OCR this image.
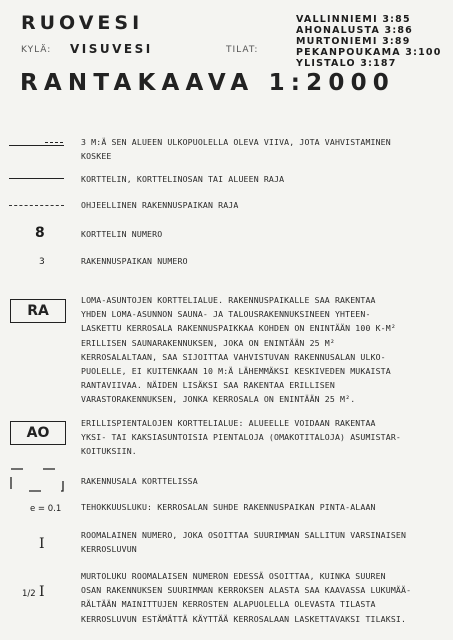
RUOVESI
KYLÄ: VISUVESI	TILAT:
VALLINNIEMI 3:85
AHONALUSTA 3:86
MURTONIEMI 3:89
PEKANPOUKAMA 3:100
YLISTALO 3:187
RANTAKAAVA 1:2000
3 M:Ä SEN ALUEEN ULKOPUOLELLA OLEVA VIIVA, JOTA VAHVISTAMINEN
KOSKEE
KORTTELIN, KORTTELINOSAN TAI ALUEEN RAJA
OHJEELLINEN RAKENNUSPAIKAN RAJA
8	KORTTELIN NUMERO
3	RAKENNUSPAIKAN NUMERO
RA
LOMA-ASUNTOJEN KORTTELIALUE. RAKENNUSPAIKALLE SAA RAKENTAA
YHDEN LOMA-ASUNNON SAUNA- JA TALOUSRAKENNUKSINEEN YHTEEN-
LASKETTU KERROSALA RAKENNUSPAIKKAA KOHDEN ON ENINTÄÄN 100 K-M²
ERILLISEN SAUNARAKENNUKSEN, JOKA ON ENINTÄÄN 25 M²
KERROSALALTAAN, SAA SIJOITTAA VAHVISTUVAN RAKENNUSALAN ULKO-
PUOLELLE, EI KUITENKAAN 10 M:Ä LÄHEMMÄKSI KESKIVEDEN MUKAISTA
RANTAVIIVAA. NÄIDEN LISÄKSI SAA RAKENTAA ERILLISEN
VARASTORAKENNUKSEN, JONKA KERROSALA ON ENINTÄÄN 25 M².
AO
ERILLISPIENTALOJEN KORTTELIALUE: ALUEELLE VOIDAAN RAKENTAA
YKSI- TAI KAKSIASUNTOISIA PIENTALOJA (OMAKOTITALOJA) ASUMISTAR-
KOITUKSIIN.
RAKENNUSALA KORTTELISSA
e = 0.1 TEHOKKUUSLUKU: KERROSALAN SUHDE RAKENNUSPAIKAN PINTA-ALAAN
I
ROOMALAINEN NUMERO, JOKA OSOITTAA SUURIMMAN SALLITUN VARSINAISEN
KERROSLUVUN
1/2 I
MURTOLUKU ROOMALAISEN NUMERON EDESSÄ OSOITTAA, KUINKA SUUREN
OSAN RAKENNUKSEN SUURIMMAN KERROKSEN ALASTA SAA KAAVASSA LUKUMÄÄ-
RÄLTÄÄN MAINITTUJEN KERROSTEN ALAPUOLELLA OLEVASTA TILASTA
KERROSLUVUN ESTÄMÄTTÄ KÄYTTÄÄ KERROSALAAN LASKETTAVAKSI TILAKSI.
